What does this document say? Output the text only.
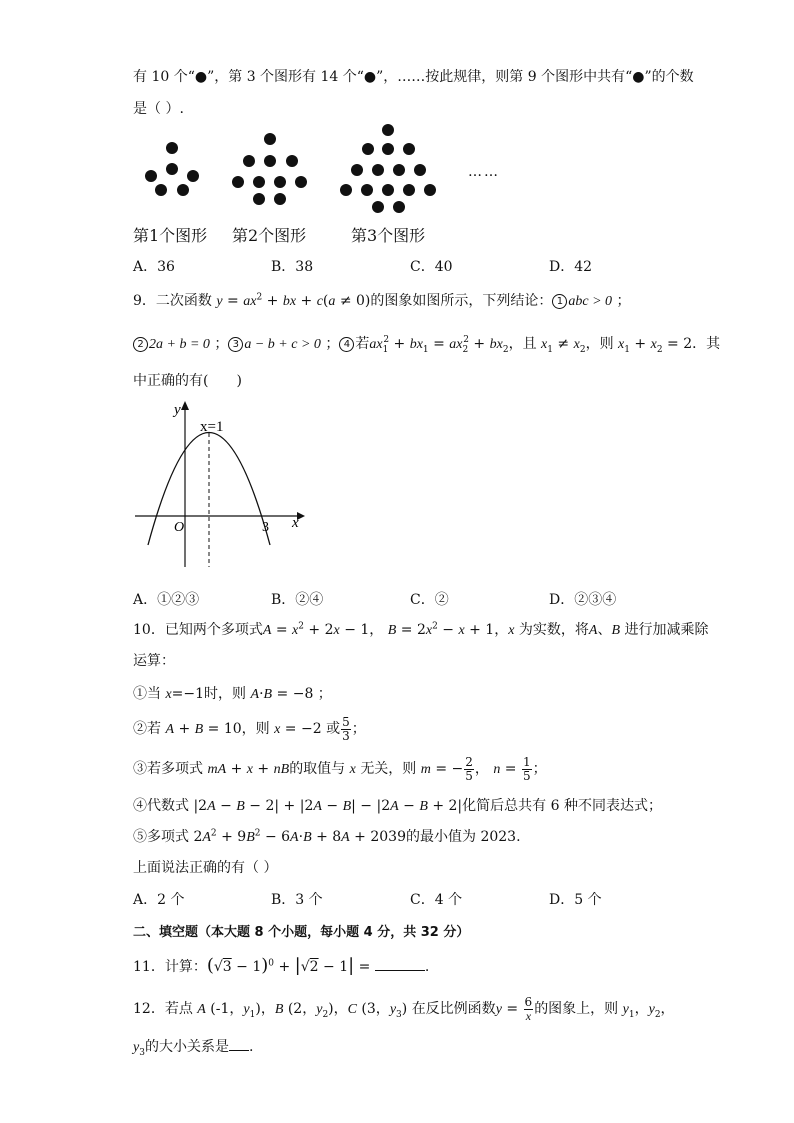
有 10 个“●”，第 3 个图形有 14 个“●”，……按此规律，则第 9 个图形中共有“●”的个数
是（ ）.
……
第1个图形 第2个图形	第3个图形
A．36	B．38	C．40	D．42
9．二次函数 $y = ax^2$ + bx + c(a ≠ 0)的图象如图所示，下列结论： 1 abc > 0 ；
2 2a + b = 0 ； 3 a − b + c > 0 ； 4 若$ax_1^2 + bx_1 = ax_2^2 + bx_2$，且 $x_1 \ne x_2$，则 $x_1 + x_2 = 2$．其
中正确的有(　　)
y
x
O	3
x=1
A．①②③	B．②④	C．②	D．②③④
10．已知两个多项式$A = x^2 + 2x - 1$， $B = 2x^2 - x + 1$，x 为实数，将A、B 进行加减乘除
运算：
①当 x=−1时，则 A·B = −8 ；
②若 A + B = 10，则 x = −2 或 $\frac{5}{3}$ ；
③若多项式 mA + x + nB的取值与 x 无关，则 m = − $\frac{2}{5}$ ， $n = \frac{1}{5}$ ；
④代数式 |2A − B − 2| + |2A − B| − |2A − B + 2|化简后总共有 6 种不同表达式；
⑤多项式 $2A^2 + 9B^2 - 6A\cdot B + 8A + 2039$的最小值为 2023.
上面说法正确的有（ ）
A．2 个	B．3 个	C．4 个	D．5 个
二、填空题（本大题 8 个小题，每小题 4 分，共 32 分）
11．计算：$(√3 - 1)^0 + |√2 - 1|$ =	.
12．若点 A (-1，$y_1$)，B (2，$y_2$)，C (3，$y_3$) 在反比例函数$y = \frac{6}{x}$ 的图象上，则 $y_1$，$y_2$，
$y_3$的大小关系是 .
